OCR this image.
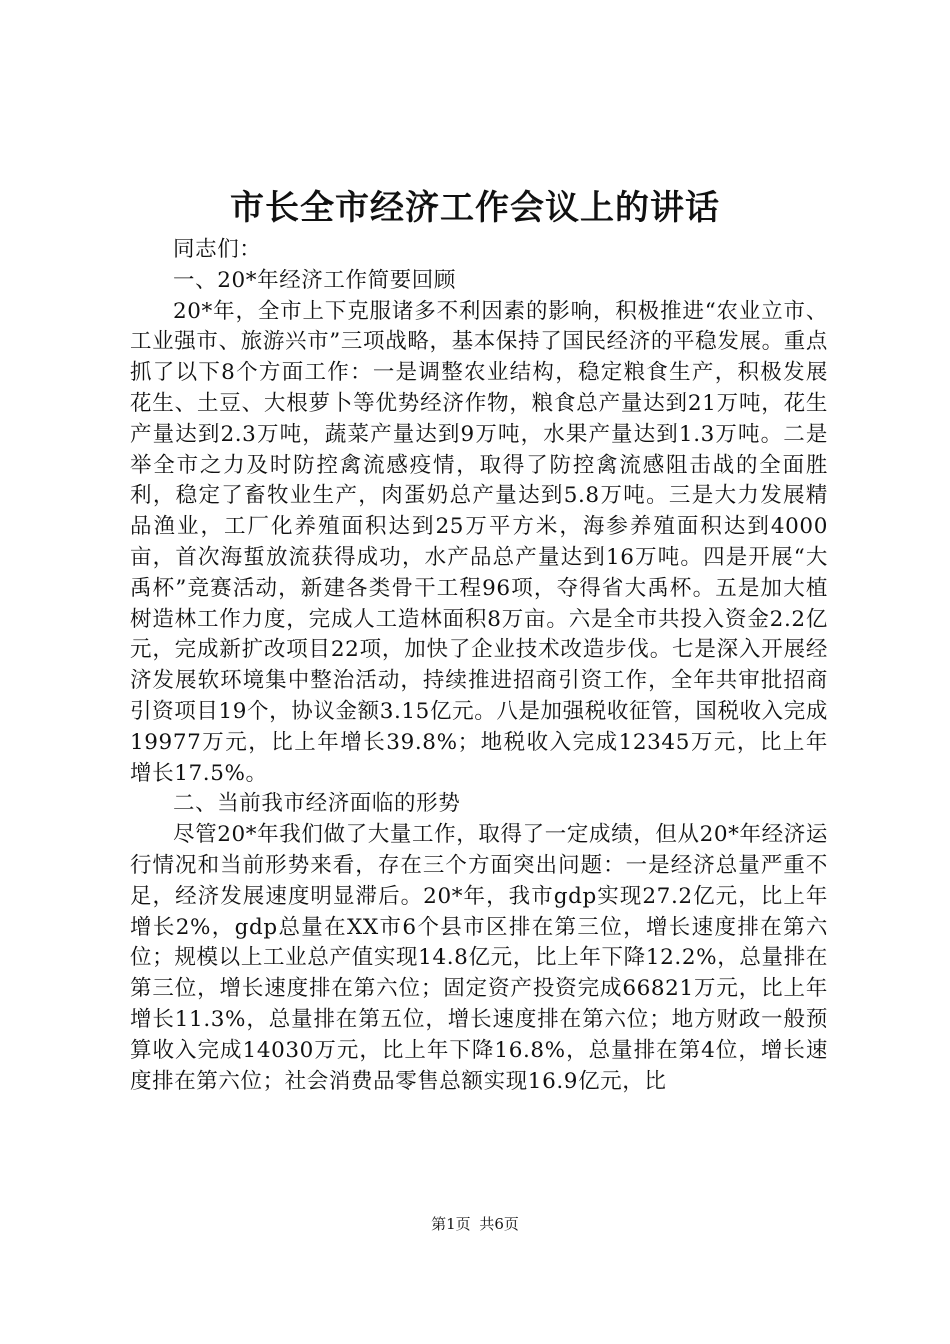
市长全市经济工作会议上的讲话

同志们：

一、20*年经济工作简要回顾

20*年，全市上下克服诸多不利因素的影响，积极推进“农业立市、工业强市、旅游兴市”三项战略，基本保持了国民经济的平稳发展。重点抓了以下8个方面工作：一是调整农业结构，稳定粮食生产，积极发展花生、土豆、大根萝卜等优势经济作物，粮食总产量达到21万吨，花生产量达到2.3万吨，蔬菜产量达到9万吨，水果产量达到1.3万吨。二是举全市之力及时防控禽流感疫情，取得了防控禽流感阻击战的全面胜利，稳定了畜牧业生产，肉蛋奶总产量达到5.8万吨。三是大力发展精品渔业，工厂化养殖面积达到25万平方米，海参养殖面积达到4000亩，首次海蜇放流获得成功，水产品总产量达到16万吨。四是开展“大禹杯”竞赛活动，新建各类骨干工程96项，夺得省大禹杯。五是加大植树造林工作力度，完成人工造林面积8万亩。六是全市共投入资金2.2亿元，完成新扩改项目22项，加快了企业技术改造步伐。七是深入开展经济发展软环境集中整治活动，持续推进招商引资工作，全年共审批招商引资项目19个，协议金额3.15亿元。八是加强税收征管，国税收入完成19977万元，比上年增长39.8%；地税收入完成12345万元，比上年增长17.5%。

二、当前我市经济面临的形势

尽管20*年我们做了大量工作，取得了一定成绩，但从20*年经济运行情况和当前形势来看，存在三个方面突出问题：一是经济总量严重不足，经济发展速度明显滞后。20*年，我市gdp实现27.2亿元，比上年增长2%，gdp总量在XX市6个县市区排在第三位，增长速度排在第六位；规模以上工业总产值实现14.8亿元，比上年下降12.2%，总量排在第三位，增长速度排在第六位；固定资产投资完成66821万元，比上年增长11.3%，总量排在第五位，增长速度排在第六位；地方财政一般预算收入完成14030万元，比上年下降16.8%，总量排在第4位，增长速度排在第六位；社会消费品零售总额实现16.9亿元，比

第1页 共6页
